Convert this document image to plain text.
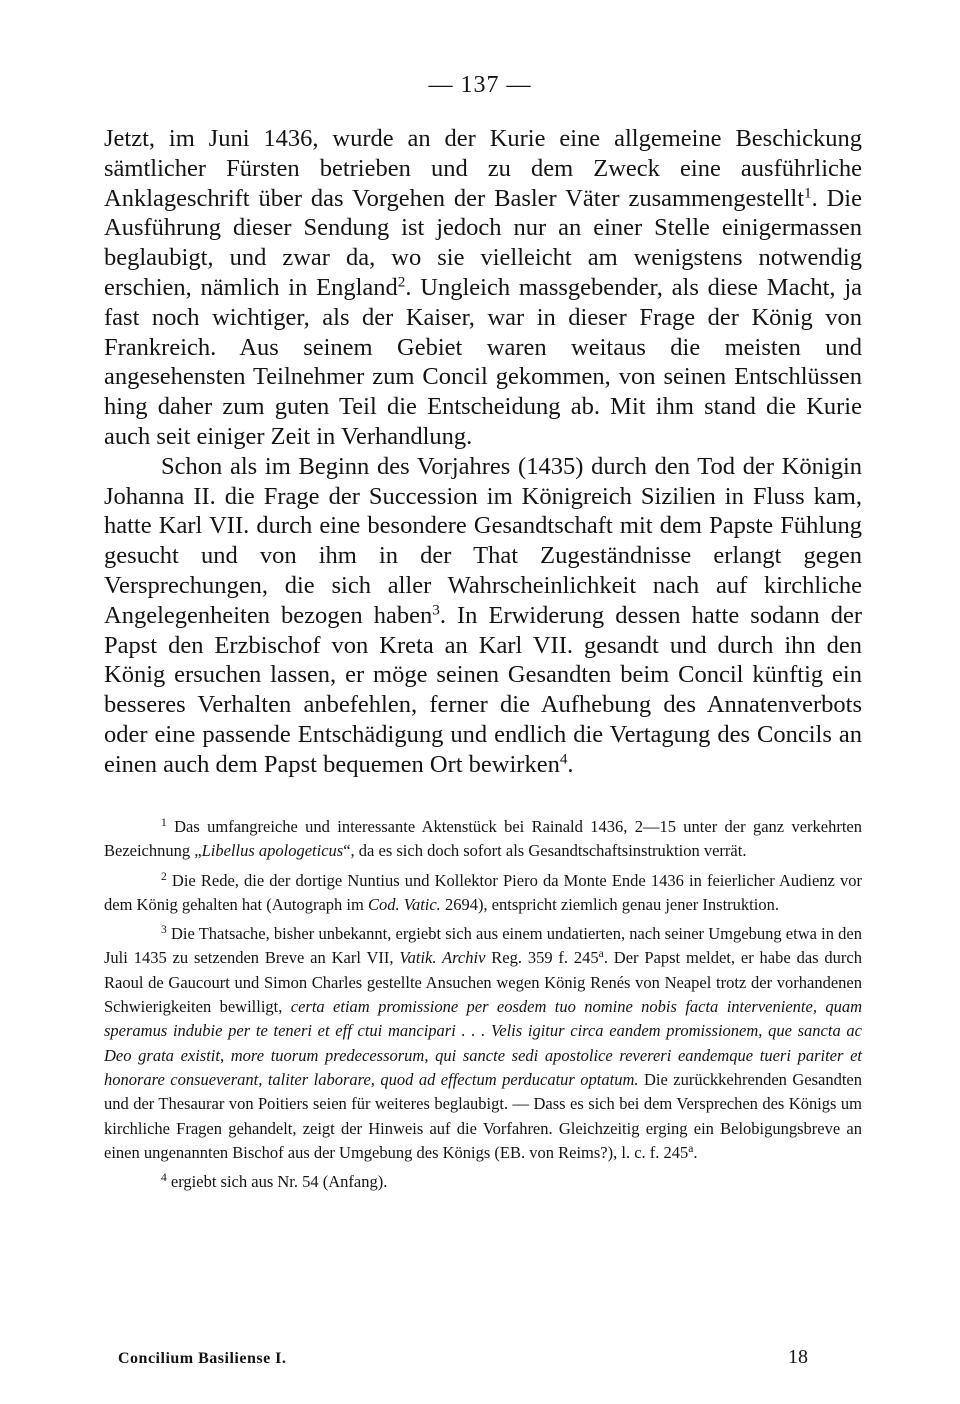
— 137 —

Jetzt, im Juni 1436, wurde an der Kurie eine allgemeine Beschickung sämtlicher Fürsten betrieben und zu dem Zweck eine ausführliche Anklageschrift über das Vorgehen der Basler Väter zusammengestellt$^1$. Die Ausführung dieser Sendung ist jedoch nur an einer Stelle einigermassen beglaubigt, und zwar da, wo sie vielleicht am wenigstens notwendig erschien, nämlich in England$^2$. Ungleich massgebender, als diese Macht, ja fast noch wichtiger, als der Kaiser, war in dieser Frage der König von Frankreich. Aus seinem Gebiet waren weitaus die meisten und angesehensten Teilnehmer zum Concil gekommen, von seinen Entschlüssen hing daher zum guten Teil die Entscheidung ab. Mit ihm stand die Kurie auch seit einiger Zeit in Verhandlung.

Schon als im Beginn des Vorjahres (1435) durch den Tod der Königin Johanna II. die Frage der Succession im Königreich Sizilien in Fluss kam, hatte Karl VII. durch eine besondere Gesandtschaft mit dem Papste Fühlung gesucht und von ihm in der That Zugeständnisse erlangt gegen Versprechungen, die sich aller Wahrscheinlichkeit nach auf kirchliche Angelegenheiten bezogen haben$^3$. In Erwiderung dessen hatte sodann der Papst den Erzbischof von Kreta an Karl VII. gesandt und durch ihn den König ersuchen lassen, er möge seinen Gesandten beim Concil künftig ein besseres Verhalten anbefehlen, ferner die Aufhebung des Annatenverbots oder eine passende Entschädigung und endlich die Vertagung des Concils an einen auch dem Papst bequemen Ort bewirken$^4$.

$^1$ Das umfangreiche und interessante Aktenstück bei Rainald 1436, 2—15 unter der ganz verkehrten Bezeichnung „Libellus apologeticus“, da es sich doch sofort als Gesandtschaftsinstruktion verrät.

$^2$ Die Rede, die der dortige Nuntius und Kollektor Piero da Monte Ende 1436 in feierlicher Audienz vor dem König gehalten hat (Autograph im Cod. Vatic. 2694), entspricht ziemlich genau jener Instruktion.

$^3$ Die Thatsache, bisher unbekannt, ergiebt sich aus einem undatierten, nach seiner Umgebung etwa in den Juli 1435 zu setzenden Breve an Karl VII, Vatik. Archiv Reg. 359 f. 245$^a$. Der Papst meldet, er habe das durch Raoul de Gaucourt und Simon Charles gestellte Ansuchen wegen König Renés von Neapel trotz der vorhandenen Schwierigkeiten bewilligt, certa etiam promissione per eosdem tuo nomine nobis facta interveniente, quam speramus indubie per te teneri et eff ctui mancipari . . . Velis igitur circa eandem promissionem, que sancta ac Deo grata existit, more tuorum predecessorum, qui sancte sedi apostolice revereri eandemque tueri pariter et honorare consueverant, taliter laborare, quod ad effectum perducatur optatum. Die zurückkehrenden Gesandten und der Thesaurar von Poitiers seien für weiteres beglaubigt. — Dass es sich bei dem Versprechen des Königs um kirchliche Fragen gehandelt, zeigt der Hinweis auf die Vorfahren. Gleichzeitig erging ein Belobigungsbreve an einen ungenannten Bischof aus der Umgebung des Königs (EB. von Reims?), l. c. f. 245$^a$.

$^4$ ergiebt sich aus Nr. 54 (Anfang).

Concilium Basiliense I.	18
